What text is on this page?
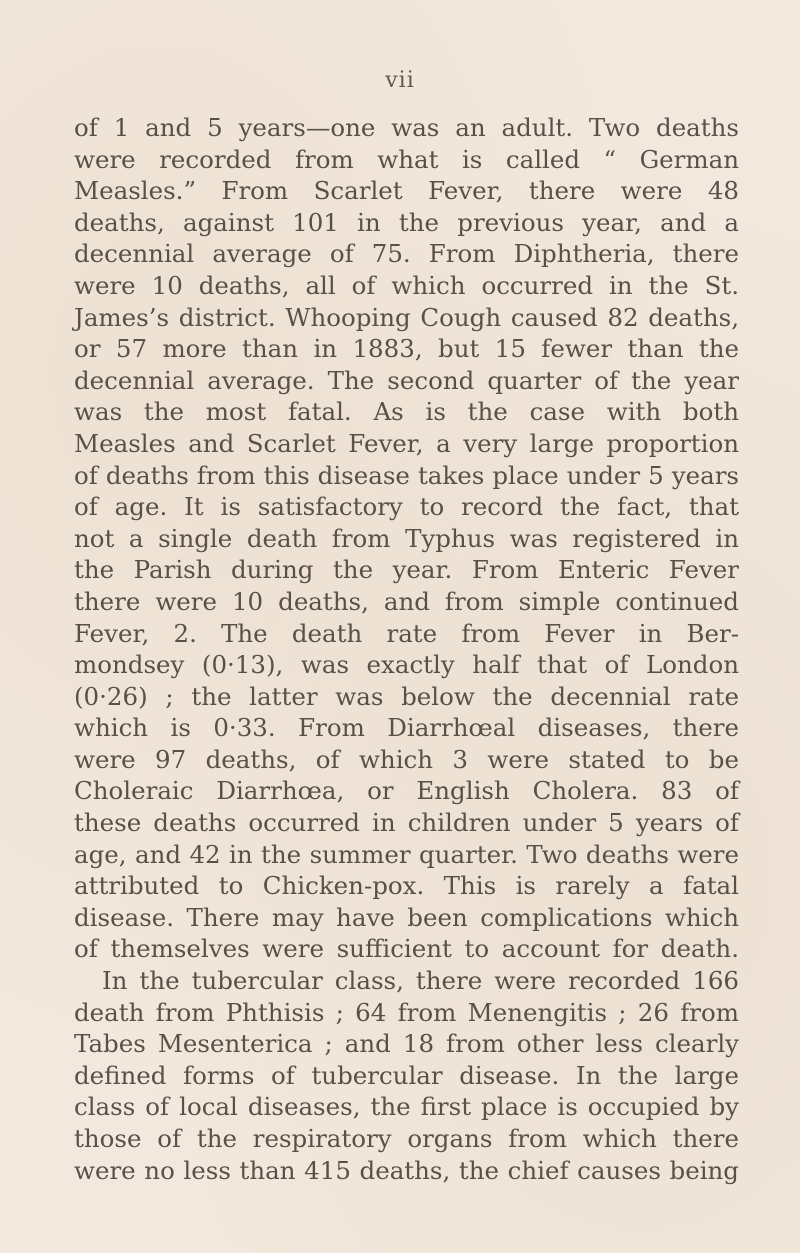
vii
of 1 and 5 years—one was an adult. Two deaths
were recorded from what is called “ German
Measles.” From Scarlet Fever, there were 48
deaths, against 101 in the previous year, and a
decennial average of 75. From Diphtheria, there
were 10 deaths, all of which occurred in the St.
James’s district. Whooping Cough caused 82 deaths,
or 57 more than in 1883, but 15 fewer than the
decennial average. The second quarter of the year
was the most fatal. As is the case with both
Measles and Scarlet Fever, a very large proportion
of deaths from this disease takes place under 5 years
of age. It is satisfactory to record the fact, that
not a single death from Typhus was registered in
the Parish during the year. From Enteric Fever
there were 10 deaths, and from simple continued
Fever, 2. The death rate from Fever in Ber-
mondsey (0·13), was exactly half that of London
(0·26) ; the latter was below the decennial rate
which is 0·33. From Diarrhœal diseases, there
were 97 deaths, of which 3 were stated to be
Choleraic Diarrhœa, or English Cholera. 83 of
these deaths occurred in children under 5 years of
age, and 42 in the summer quarter. Two deaths were
attributed to Chicken-pox. This is rarely a fatal
disease. There may have been complications which
of themselves were sufficient to account for death.
In the tubercular class, there were recorded 166
death from Phthisis ; 64 from Menengitis ; 26 from
Tabes Mesenterica ; and 18 from other less clearly
defined forms of tubercular disease. In the large
class of local diseases, the first place is occupied by
those of the respiratory organs from which there
were no less than 415 deaths, the chief causes being
